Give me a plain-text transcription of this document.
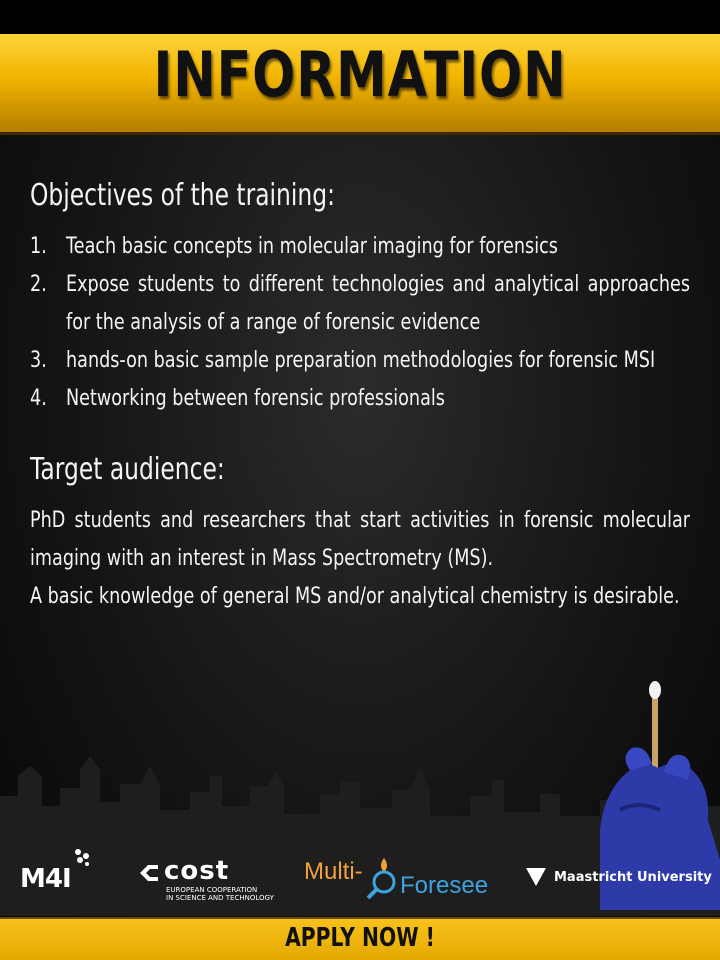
INFORMATION
Objectives of the training:
1. Teach basic concepts in molecular imaging for forensics
2. Expose students to different technologies and analytical approaches for the analysis of a range of forensic evidence
3. hands-on basic sample preparation methodologies for forensic MSI
4. Networking between forensic professionals
Target audience:

PhD students and researchers that start activities in forensic molecular imaging with an interest in Mass Spectrometry (MS).

A basic knowledge of general MS and/or analytical chemistry is desirable.

M4I	cost
EUROPEAN COOPERATION
IN SCIENCE AND TECHNOLOGY
Multi-
Foresee	Maastricht University
APPLY NOW !
